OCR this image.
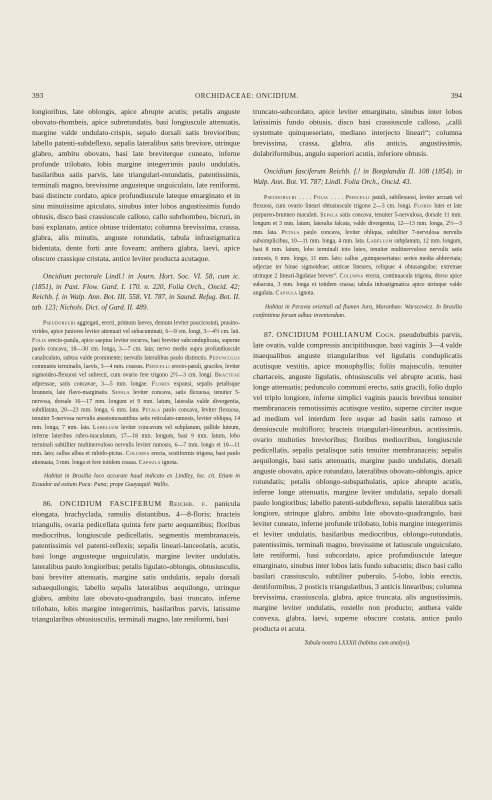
393	ORCHIDACEAE: ONCIDIUM.	394

longioribus, late oblongis, apice abrupte acutis; petalis anguste obovato-rhombeis, apice subretundatis, basi longiuscule attenuatis, margine valde undulato-crispis, sepalo dorsali satis brevioribus; labello patenti-subdeflexo, sepalis lateralibus satis breviore, utrinque glabro, ambitu obovato, basi late breviterque cuneato, inferne profunde trilobato, lobis margine integerrimis paulo undulatis, basilaribus satis parvis, late triangulari-rotundatis, patentissimis, terminali magno, brevissime angusteque unguiculato, late reniformi, basi distincte cordato, apice profundiuscule lateque emarginato et in sinu minutissime apiculato, sinubus inter lobos angustissimis fundo obtusis, disco basi crassiuscule calloso, callo subrhombeo, bicruri, in basi explanato, antice obtuse tridentato; columna brevissima, crassa, glabra, alis minutis, anguste rotundatis, tabula infrastigmatica bidentata, dente forti ante foveam; anthera glabra, laevi, apice obscure crassique cristata, antice leviter producta acutaque.

Oncidium pectorale Lindl.! in Journ. Hort. Soc. VI. 58, cum ic. (1851), in Paxt. Flow. Gard. I. 170. n. 220, Folia Orch., Oncid. 42; Reichb. f. in Walp. Ann. Bot. III. 558, VI. 787, in Saund. Refug. Bot. II. tab. 123; Nichols. Dict. of Gard. II. 489.

Pseudobulbi aggregati, erecti, primum laeves, demum leviter paucicostati, prasino-virides, apice juniores leviter attenuati vel subacuminati, 6—9 cm. longi, 3—4½ cm. lati. Folia erecto-patula, apice saepius leviter recurva, basi breviter subconduplicata, superne paulo concava, 18—30 cm. longa, 3—7 cm. lata; nervo medio supra profundiuscule canaliculato, subtus valde prominente; nervulis lateralibus paulo distinctis. Pedunculus communis terminalis, laevis, 3—4 mm. crassus. Pedicelli erecto-patuli, graciles, leviter sigmoideo-flexuosi vel subrecti, cum ovario fere trigono 2½—3 cm. longi. Bracteae adpressae, satis concavae, 3—5 mm. longae. Flores expansi, sepalis petalisque brunneis, late flavo-marginatis. Sepala leviter concava, satis flexuosa, tenuiter 5-nervosa, dorsale 16—17 mm. longum et 9 mm. latum, lateralia valde divergentia, subdilatata, 20—23 mm. longa, 6 mm. lata. Petala paulo concava, leviter flexuosa, tenuiter 5-nervosa nervulis anastomosantibus satis reticulato-ramosis, leviter obliqua, 14 mm. longa, 7 mm. lata. Labellum leviter concavum vel subplanum, pallide luteum, inferne lateribus rubro-maculatum, 17—18 mm. longum, basi 9 mm. latum, lobo terminali subtiliter multinervuloso nervulis leviter ramosis, 6—7 mm. longo et 10—11 mm. lato; callus albus et rubido-pictus. Columna erecta, scutiformis trigona, basi paulo attenuata, 3 mm. longa et fere totidem crassa. Capsula ignota.

Habitat in Brasilia loco accurate haud indicato ex Lindley, loc. cit. Etiam in Ecuador ad ostium Pucu: Puna; prope Guayaquil: Wallis.

86. ONCIDIUM FASCIFERUM Reichb. f. panicula elongata, brachyclada, ramulis distantibus, 4—8-floris; bracteis triangulis, ovaria pedicellata quinta fere parte aequantibus; floribus mediocribus, longiuscule pedicellatis, segmentis membranaceis, patentissimis vel patenti-reflexis; sepalis lineari-lanceolatis, acutis, basi longe angusteque unguiculatis, margine leviter undulatis, lateralibus paulo longioribus; petalis ligulato-oblongis, obtusiusculis, basi breviter attenuatis, margine satis undulatis, sepalo dorsali subaequilongis; labello sepalis lateralibus aequilongo, utrinque glabro, ambitu late obovato-quadrangulo, basi truncato, inferne trilobato, lobis margine integerrimis, basilaribus parvis, latissime triangularibus obtusiusculis, terminali magno, late reniformi, basi

truncato-subcordato, apice leviter emarginato, sinubus inter lobos latissimis fundo obtusis, disco basi crassiuscule calloso, „calli systemate quinqueseriato, mediano interjecto lineari“; columna brevissima, crassa, glabra, alis anticis, angustissimis, dolabriformibus, angulo superiori acutis, inferiore obtusis.

Oncidium fasciferum Reichb. f.! in Bonplandia II. 108 (1854), in Walp. Ann. Bot. VI. 787; Lindl. Folia Orch., Oncid. 43.

Pseudobulbi . . . . Folia . . . . Pedicelli patuli, subflexuosi, leviter arcuati vel flexuosi, cum ovario lineari obtusiuscule trigono 2—3 cm. longi. Flores lutei et late purpureo-brunneo maculati. Sepala satis concava, tenuiter 5-nervulosa, dorsale 11 mm. longum et 3 mm. latum, lateralia falcata, valde divergentia, 12—13 mm. longa, 2½—3 mm. lata. Petala paulo concava, leviter obliqua, subtiliter 7-nervulosa nervulis subsimplicibus, 10—11 mm. longa, 4 mm. lata. Labellum subplanum, 12 mm. longum, basi 8 mm. latum, lobo terminali toto luteo, tenuiter multinervuloso nervulis satis ramosis, 6 mm. longo, 11 mm. lato; callus „quinqueseriatus: series media abbreviata; adjectae ter binae sigmoideae; anticae lineares, reliquae 4 obtusangulae; extremae utrinque 2 lineari-ligulatae breves“. Columna erecta, continuacula trigona, dorso apice subacuta, 3 mm. longa et totidem crassa; tabula infrastigmatica apice utrinque valde angulata. Capsula ignota.

Habitat in Peruvia orientali ad flumen Jura, Maranhao: Warscewicz. In Brasilia confinitima forsan adhuc inveniendum.

87. ONCIDIUM POHLIANUM Cogn. pseudobulbis parvis, late ovatis, valde compressis ancipitibusque, basi vaginis 3—4 valde inaequalibus anguste triangularibus vel ligulatis conduplicatis acutisque vestitis, apice monophyllis; foliis majusculis, tenuiter chartaceis, anguste ligulatis, obtusiusculis vel abrupte acutis, basi longe attenuatis; pedunculo communi erecto, satis gracili, folio duplo vel triplo longiore, inferne simplici vaginis paucis brevibus tenuiter membranaceis remotissimis acutisque vestito, superne circiter usque ad medium vel interdum fere usque ad basin satis ramoso et densiuscule multifloro; bracteis triangulari-linearibus, acutissimis, ovario multoties brevioribus; floribus mediocribus, longiuscule pedicellatis, sepalis petalisque satis tenuiter membranaceis; sepalis aequilongis, basi satis attenuatis, margine paulo undulatis, dorsali anguste obovato, apice rotundato, lateralibus obovato-oblongis, apice rotundatis; petalis oblongo-subspathulatis, apice abrupte acutis, inferne longe attenuatis, margine leviter undulatis, sepalo dorsali paulo longioribus; labello patenti-subdeflexo, sepalis lateralibus satis longiore, utrinque glabro, ambitu late obovato-quadrangulo, basi leviter cuneato, inferne profunde trilobato, lobis margine integerrimis et leviter undulatis, basilaribus mediocribus, oblongo-rotundatis, patentissimis, terminali magno, brevissime et latiuscule unguiculato, late reniformi, basi subcordato, apice profundiuscule lateque emarginato, sinubus inter lobos latis fundo subacutis; disco basi callo basilari crassiusculo, subtiliter puberulo, 5-lobo, lobis erectis, dentiformibus, 2 posticis triangularibus, 3 anticis linearibus; columna brevissima, crassiuscula, glabra, apice truncata, alis angustissimis, margine leviter undulatis, rostello non producto; anthera valde convexa, glabra, laevi, superne obscure costata, antice paulo producta et acuta.

Tabula nostra LXXXII (habitus cum analysi).
